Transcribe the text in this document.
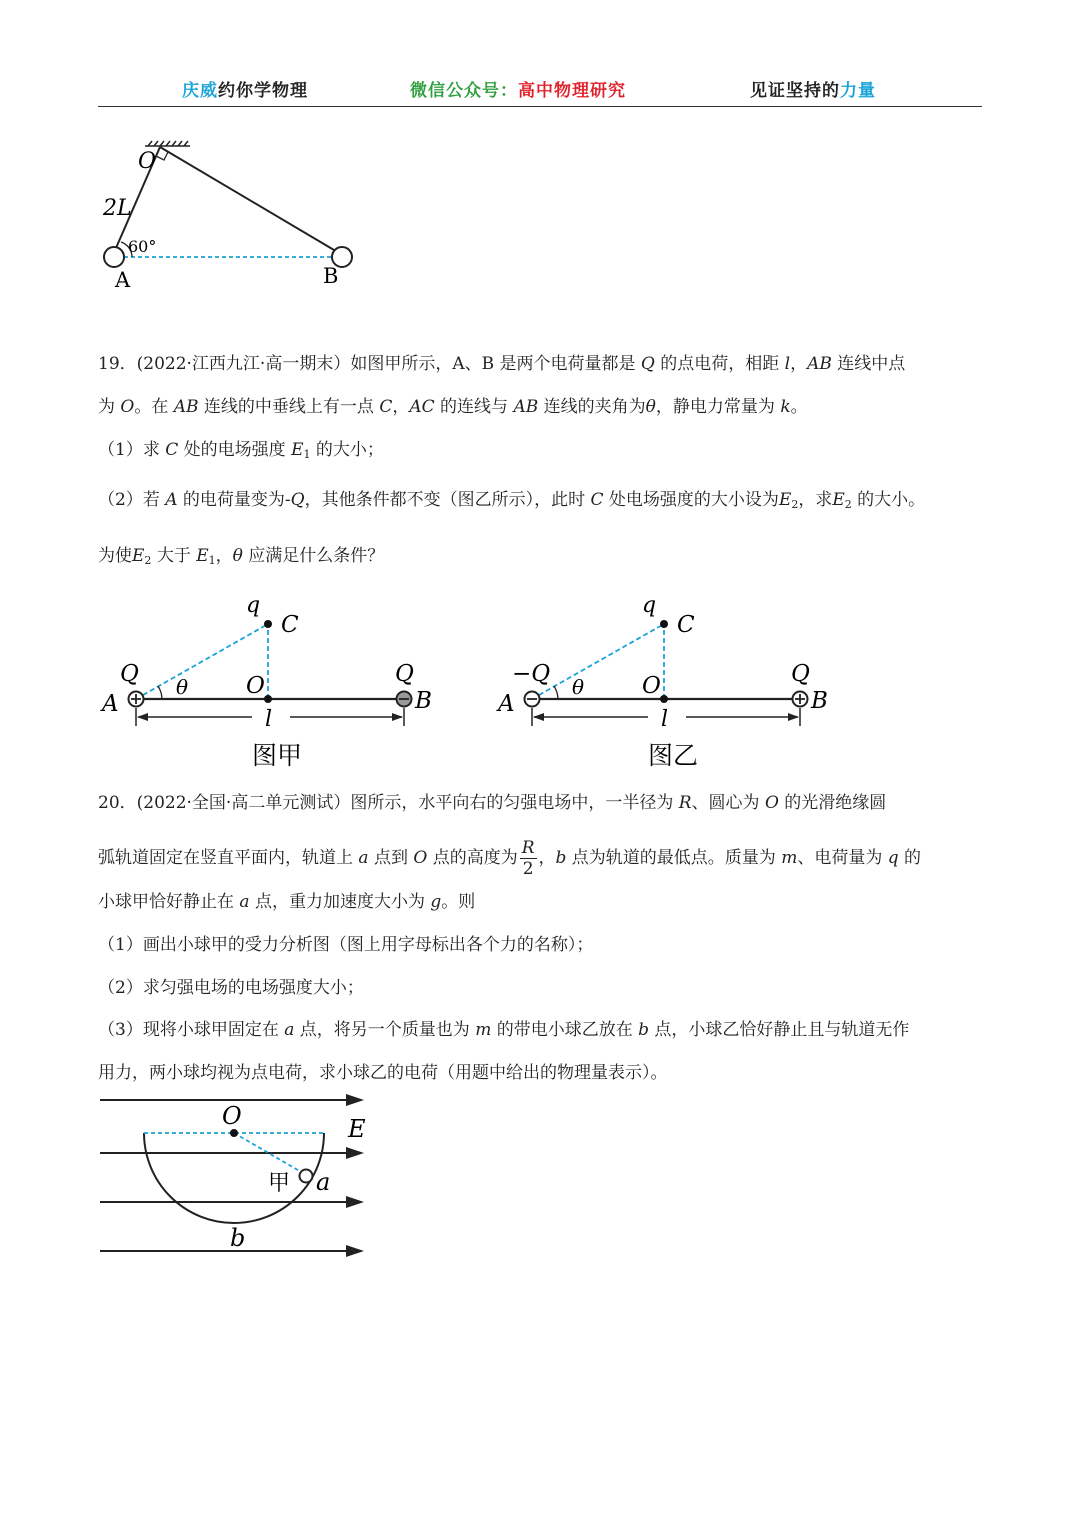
庆威约你学物理	微信公众号：高中物理研究	见证坚持的力量
O
2L
60°
A	B
19．(2022·江西九江·高一期末）如图甲所示，A、B 是两个电荷量都是 Q 的点电荷，相距 l，AB 连线中点
为 O。在 AB 连线的中垂线上有一点 C，AC 的连线与 AB 连线的夹角为θ，静电力常量为 k。
（1）求 C 处的电场强度 $E_1$ 的大小；
（2）若 A 的电荷量变为-Q，其他条件都不变（图乙所示），此时 C 处电场强度的大小设为$E_2$，求$E_2$ 的大小。
为使$E_2$ 大于 $E_1$，θ 应满足什么条件？
q
C
Q	Q
A	B
O
θ
l
图甲
q
C
−Q	Q
A	B
O
θ
l
图乙
20．(2022·全国·高二单元测试）图所示，水平向右的匀强电场中，一半径为 R、圆心为 O 的光滑绝缘圆
弧轨道固定在竖直平面内，轨道上 a 点到 O 点的高度为 $\frac{R}{2}$ ，b 点为轨道的最低点。质量为 m、电荷量为 q 的
小球甲恰好静止在 a 点，重力加速度大小为 g。则
（1）画出小球甲的受力分析图（图上用字母标出各个力的名称）；
（2）求匀强电场的电场强度大小；
（3）现将小球甲固定在 a 点，将另一个质量也为 m 的带电小球乙放在 b 点，小球乙恰好静止且与轨道无作
用力，两小球均视为点电荷，求小球乙的电荷（用题中给出的物理量表示）。
O	E
甲 a
b
